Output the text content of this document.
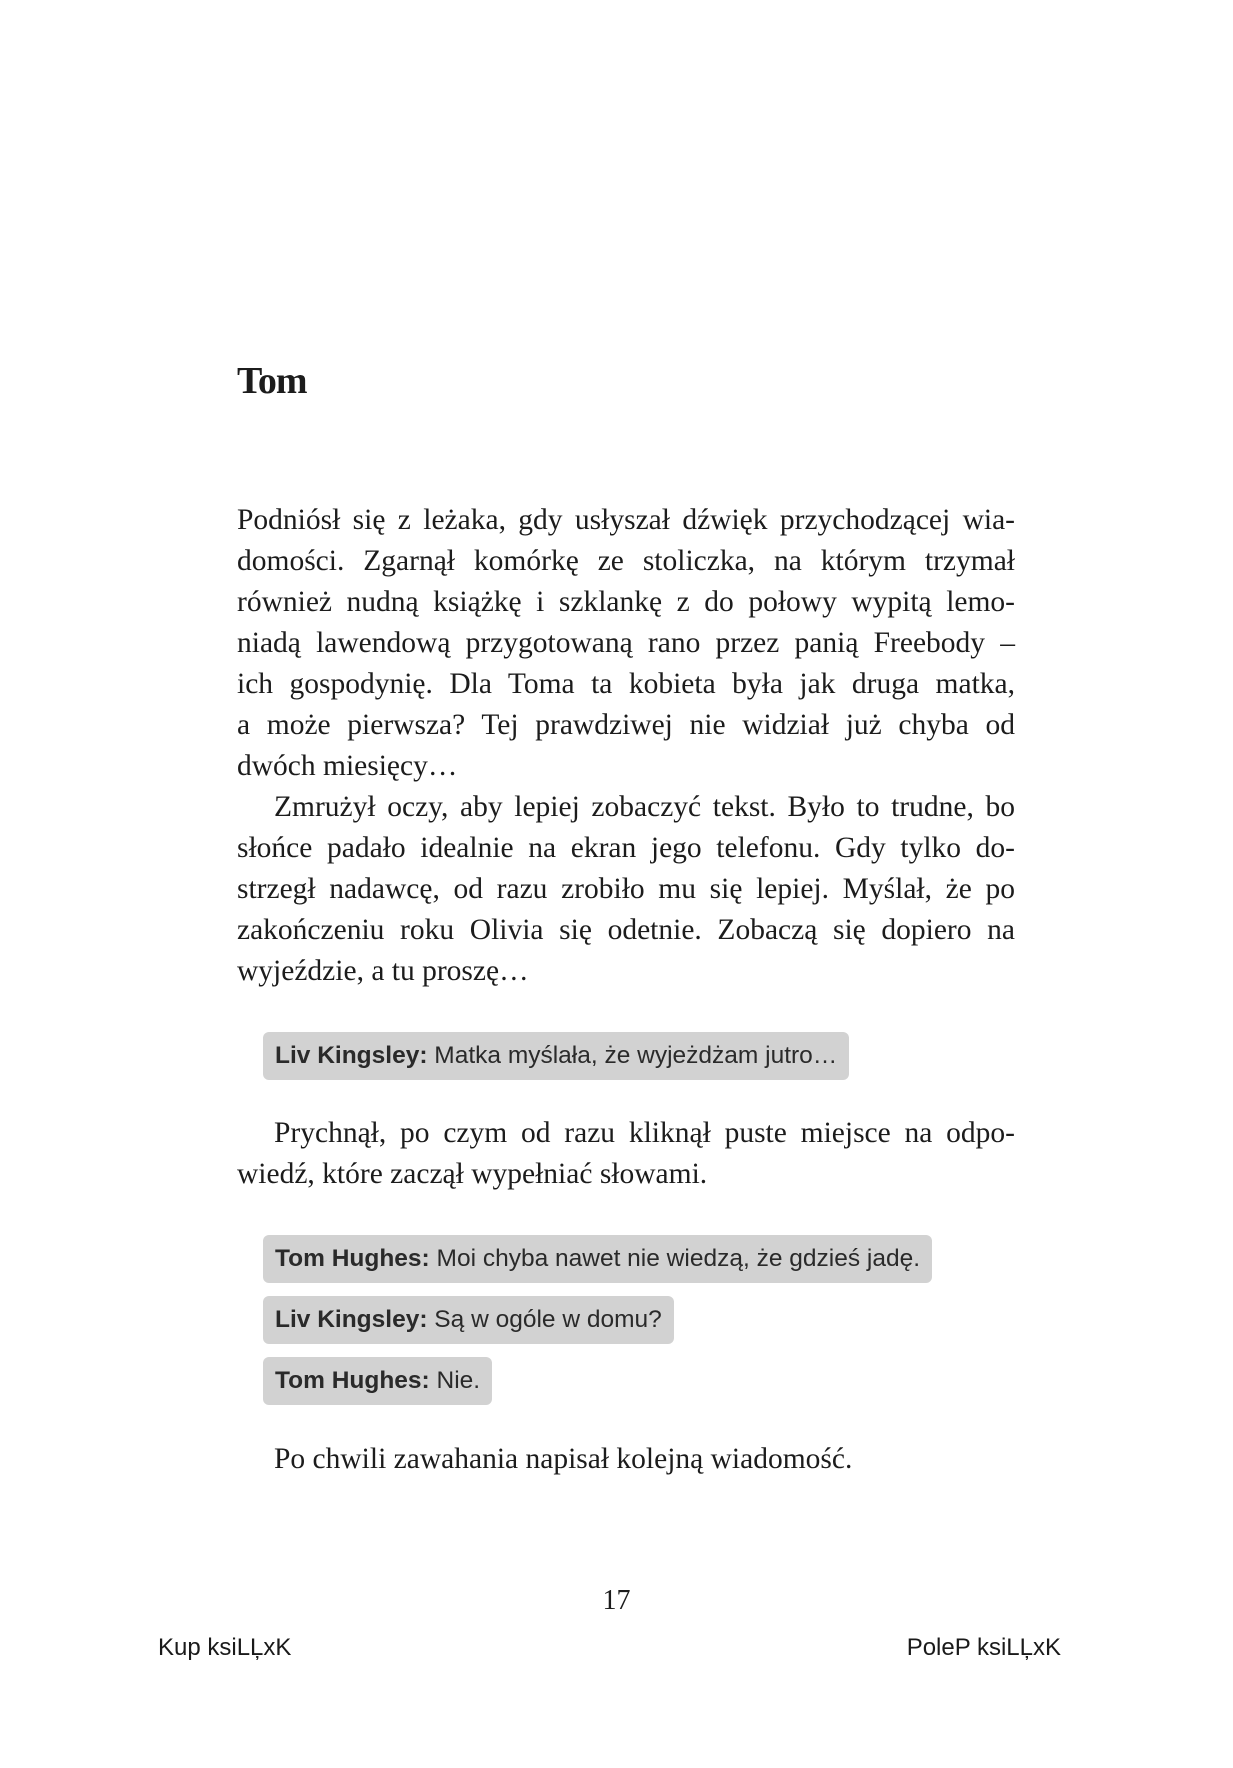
Tom

Podniósł się z leżaka, gdy usłyszał dźwięk przychodzącej wia-
domości. Zgarnął komórkę ze stoliczka, na którym trzymał
również nudną książkę i szklankę z do połowy wypitą lemo-
niadą lawendową przygotowaną rano przez panią Freebody –
ich gospodynię. Dla Toma ta kobieta była jak druga matka,
a może pierwsza? Tej prawdziwej nie widział już chyba od
dwóch miesięcy…

Zmrużył oczy, aby lepiej zobaczyć tekst. Było to trudne, bo
słońce padało idealnie na ekran jego telefonu. Gdy tylko do-
strzegł nadawcę, od razu zrobiło mu się lepiej. Myślał, że po
zakończeniu roku Olivia się odetnie. Zobaczą się dopiero na
wyjeździe, a tu proszę…

Liv Kingsley: Matka myślała, że wyjeżdżam jutro…

Prychnął, po czym od razu kliknął puste miejsce na odpo-
wiedź, które zaczął wypełniać słowami.

Tom Hughes: Moi chyba nawet nie wiedzą, że gdzieś jadę.
Liv Kingsley: Są w ogóle w domu?
Tom Hughes: Nie.

Po chwili zawahania napisał kolejną wiadomość.

17
Kup ksiLĻxK	PoleP ksiLĻxK
